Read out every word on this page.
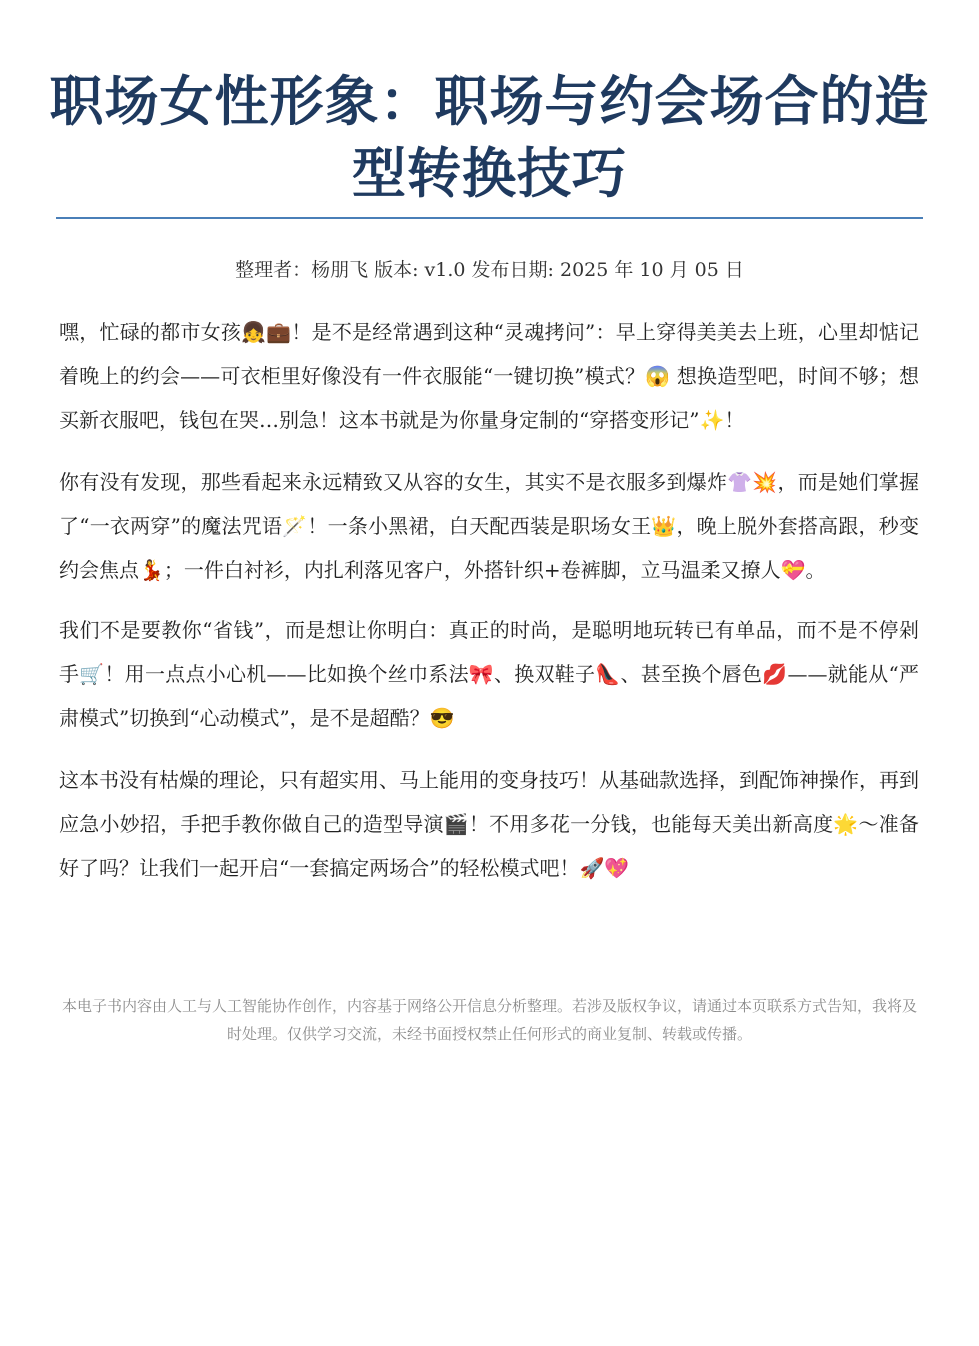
职场女性形象：职场与约会场合的造型转换技巧
整理者：杨朋飞 版本: v1.0 发布日期: 2025 年 10 月 05 日

嘿，忙碌的都市女孩👧💼！是不是经常遇到这种“灵魂拷问”：早上穿得美美去上班，心里却惦记着晚上的约会——可衣柜里好像没有一件衣服能“一键切换”模式？😱 想换造型吧，时间不够；想买新衣服吧，钱包在哭…别急！这本书就是为你量身定制的“穿搭变形记”✨！

你有没有发现，那些看起来永远精致又从容的女生，其实不是衣服多到爆炸👚💥，而是她们掌握了“一衣两穿”的魔法咒语🪄！一条小黑裙，白天配西装是职场女王👑，晚上脱外套搭高跟，秒变约会焦点💃；一件白衬衫，内扎利落见客户，外搭针织+卷裤脚，立马温柔又撩人💝。

我们不是要教你“省钱”，而是想让你明白：真正的时尚，是聪明地玩转已有单品，而不是不停剁手🛒！用一点点小心机——比如换个丝巾系法🎀、换双鞋子👠、甚至换个唇色💋——就能从“严肃模式”切换到“心动模式”，是不是超酷？😎

这本书没有枯燥的理论，只有超实用、马上能用的变身技巧！从基础款选择，到配饰神操作，再到应急小妙招，手把手教你做自己的造型导演🎬！不用多花一分钱，也能每天美出新高度🌟～准备好了吗？让我们一起开启“一套搞定两场合”的轻松模式吧！🚀💖

本电子书内容由人工与人工智能协作创作，内容基于网络公开信息分析整理。若涉及版权争议，请通过本页联系方式告知，我将及时处理。仅供学习交流，未经书面授权禁止任何形式的商业复制、转载或传播。
